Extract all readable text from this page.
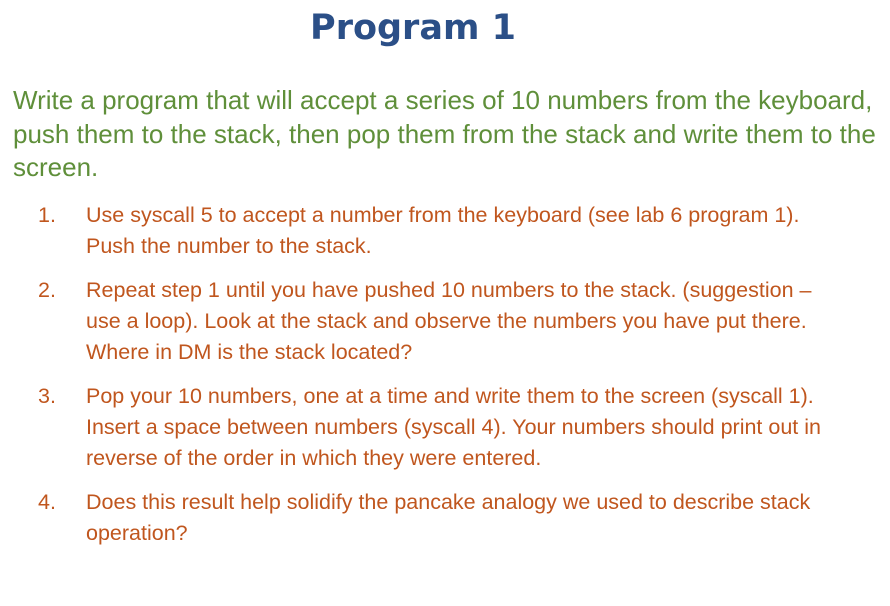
Program 1

Write a program that will accept a series of 10 numbers from the keyboard, push them to the stack, then pop them from the stack and write them to the screen.

1. Use syscall 5 to accept a number from the keyboard (see lab 6 program 1). Push the number to the stack.
2. Repeat step 1 until you have pushed 10 numbers to the stack. (suggestion – use a loop). Look at the stack and observe the numbers you have put there. Where in DM is the stack located?
3. Pop your 10 numbers, one at a time and write them to the screen (syscall 1). Insert a space between numbers (syscall 4). Your numbers should print out in reverse of the order in which they were entered.
4. Does this result help solidify the pancake analogy we used to describe stack operation?
